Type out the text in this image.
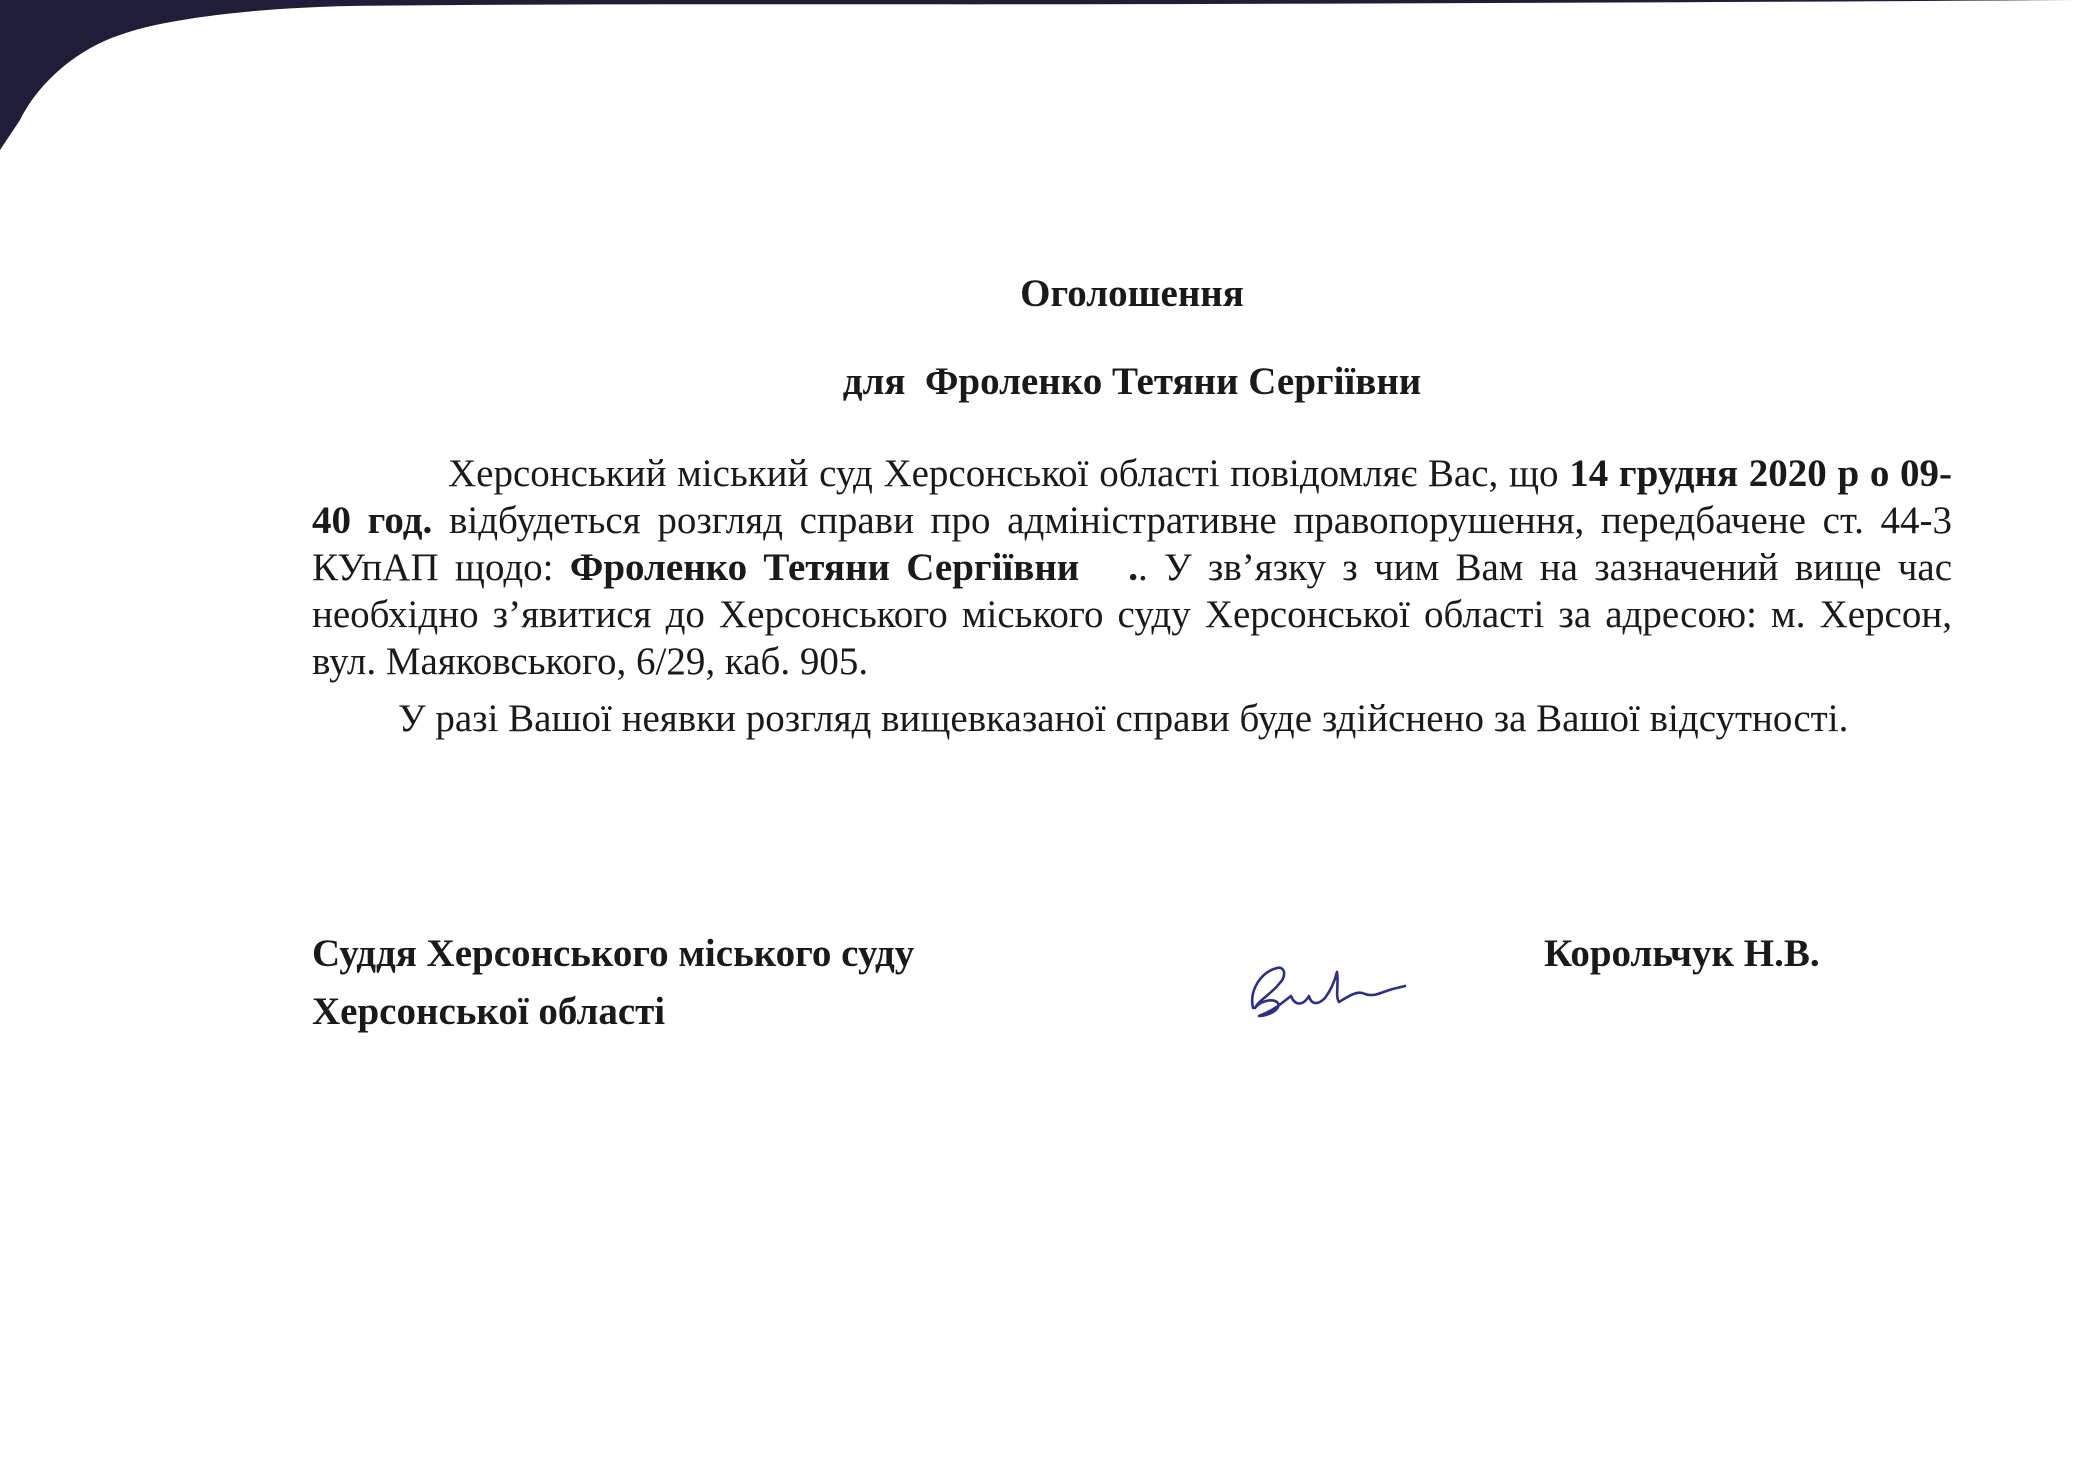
Оголошення

для Фроленко Тетяни Сергіївни

Херсонський міський суд Херсонської області повідомляє Вас, що 14 грудня 2020 р о 09-40 год. відбудеться розгляд справи про адміністративне правопорушення, передбачене ст. 44-3 КУпАП щодо: Фроленко Тетяни Сергіївни .. У зв’язку з чим Вам на зазначений вище час необхідно з’явитися до Херсонського міського суду Херсонської області за адресою: м. Херсон, вул. Маяковського, 6/29, каб. 905.

У разі Вашої неявки розгляд вищевказаної справи буде здійснено за Вашої відсутності.

Суддя Херсонського міського суду
Херсонської області
Корольчук Н.В.
